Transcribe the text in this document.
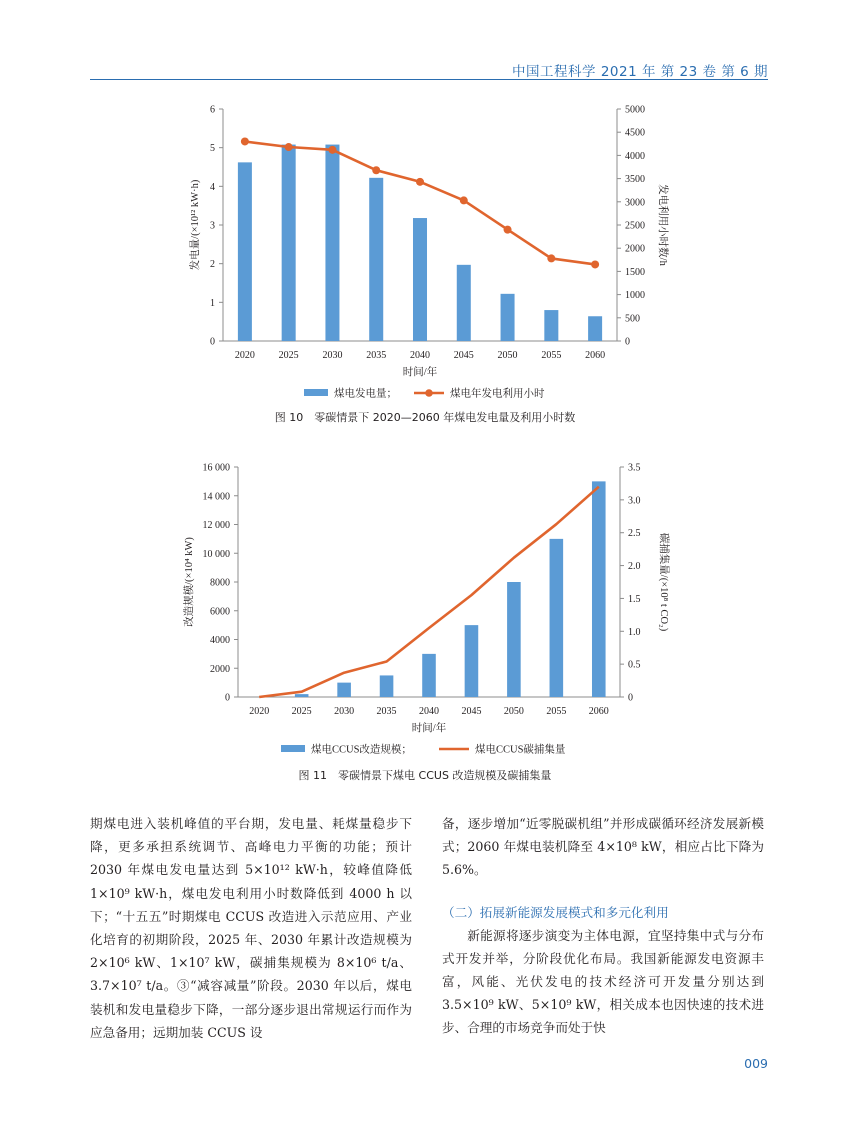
中国工程科学 2021 年 第 23 卷 第 6 期
0
1
2
3
4
5
6
0
500
1000
1500
2000
2500
3000
3500
4000
4500
5000
2020 2025 2030 2035 2040 2045 2050 2055 2060
时间/年
发电量/(×10¹² kW·h)	发电利用小时数/h
煤电发电量；	煤电年发电利用小时
图 10　零碳情景下 2020—2060 年煤电发电量及利用小时数
0
2000
4000
6000
8000
10 000
12 000
14 000
16 000
0
0.5
1.0
1.5
2.0
2.5
3.0
3.5
2020 2025 2030 2035 2040 2045 2050 2055 2060
时间/年
改造规模/(×10⁴ kW)	碳捕集量/(×10⁸ t CO₂)
煤电CCUS改造规模；	煤电CCUS碳捕集量
图 11　零碳情景下煤电 CCUS 改造规模及碳捕集量

期煤电进入装机峰值的平台期，发电量、耗煤量稳步下降，更多承担系统调节、高峰电力平衡的功能；预计 2030 年煤电发电量达到 5×10¹² kW·h，较峰值降低 1×10⁹ kW·h，煤电发电利用小时数降低到 4000 h 以下；“十五五”时期煤电 CCUS 改造进入示范应用、产业化培育的初期阶段，2025 年、2030 年累计改造规模为 2×10⁶ kW、1×10⁷ kW，碳捕集规模为 8×10⁶ t/a、3.7×10⁷ t/a。③“减容减量”阶段。2030 年以后，煤电装机和发电量稳步下降，一部分逐步退出常规运行而作为应急备用；远期加装 CCUS 设

备，逐步增加“近零脱碳机组”并形成碳循环经济发展新模式；2060 年煤电装机降至 4×10⁸ kW，相应占比下降为 5.6%。

（二）拓展新能源发展模式和多元化利用

新能源将逐步演变为主体电源，宜坚持集中式与分布式开发并举，分阶段优化布局。我国新能源发电资源丰富，风能、光伏发电的技术经济可开发量分别达到 3.5×10⁹ kW、5×10⁹ kW，相关成本也因快速的技术进步、合理的市场竞争而处于快

009
